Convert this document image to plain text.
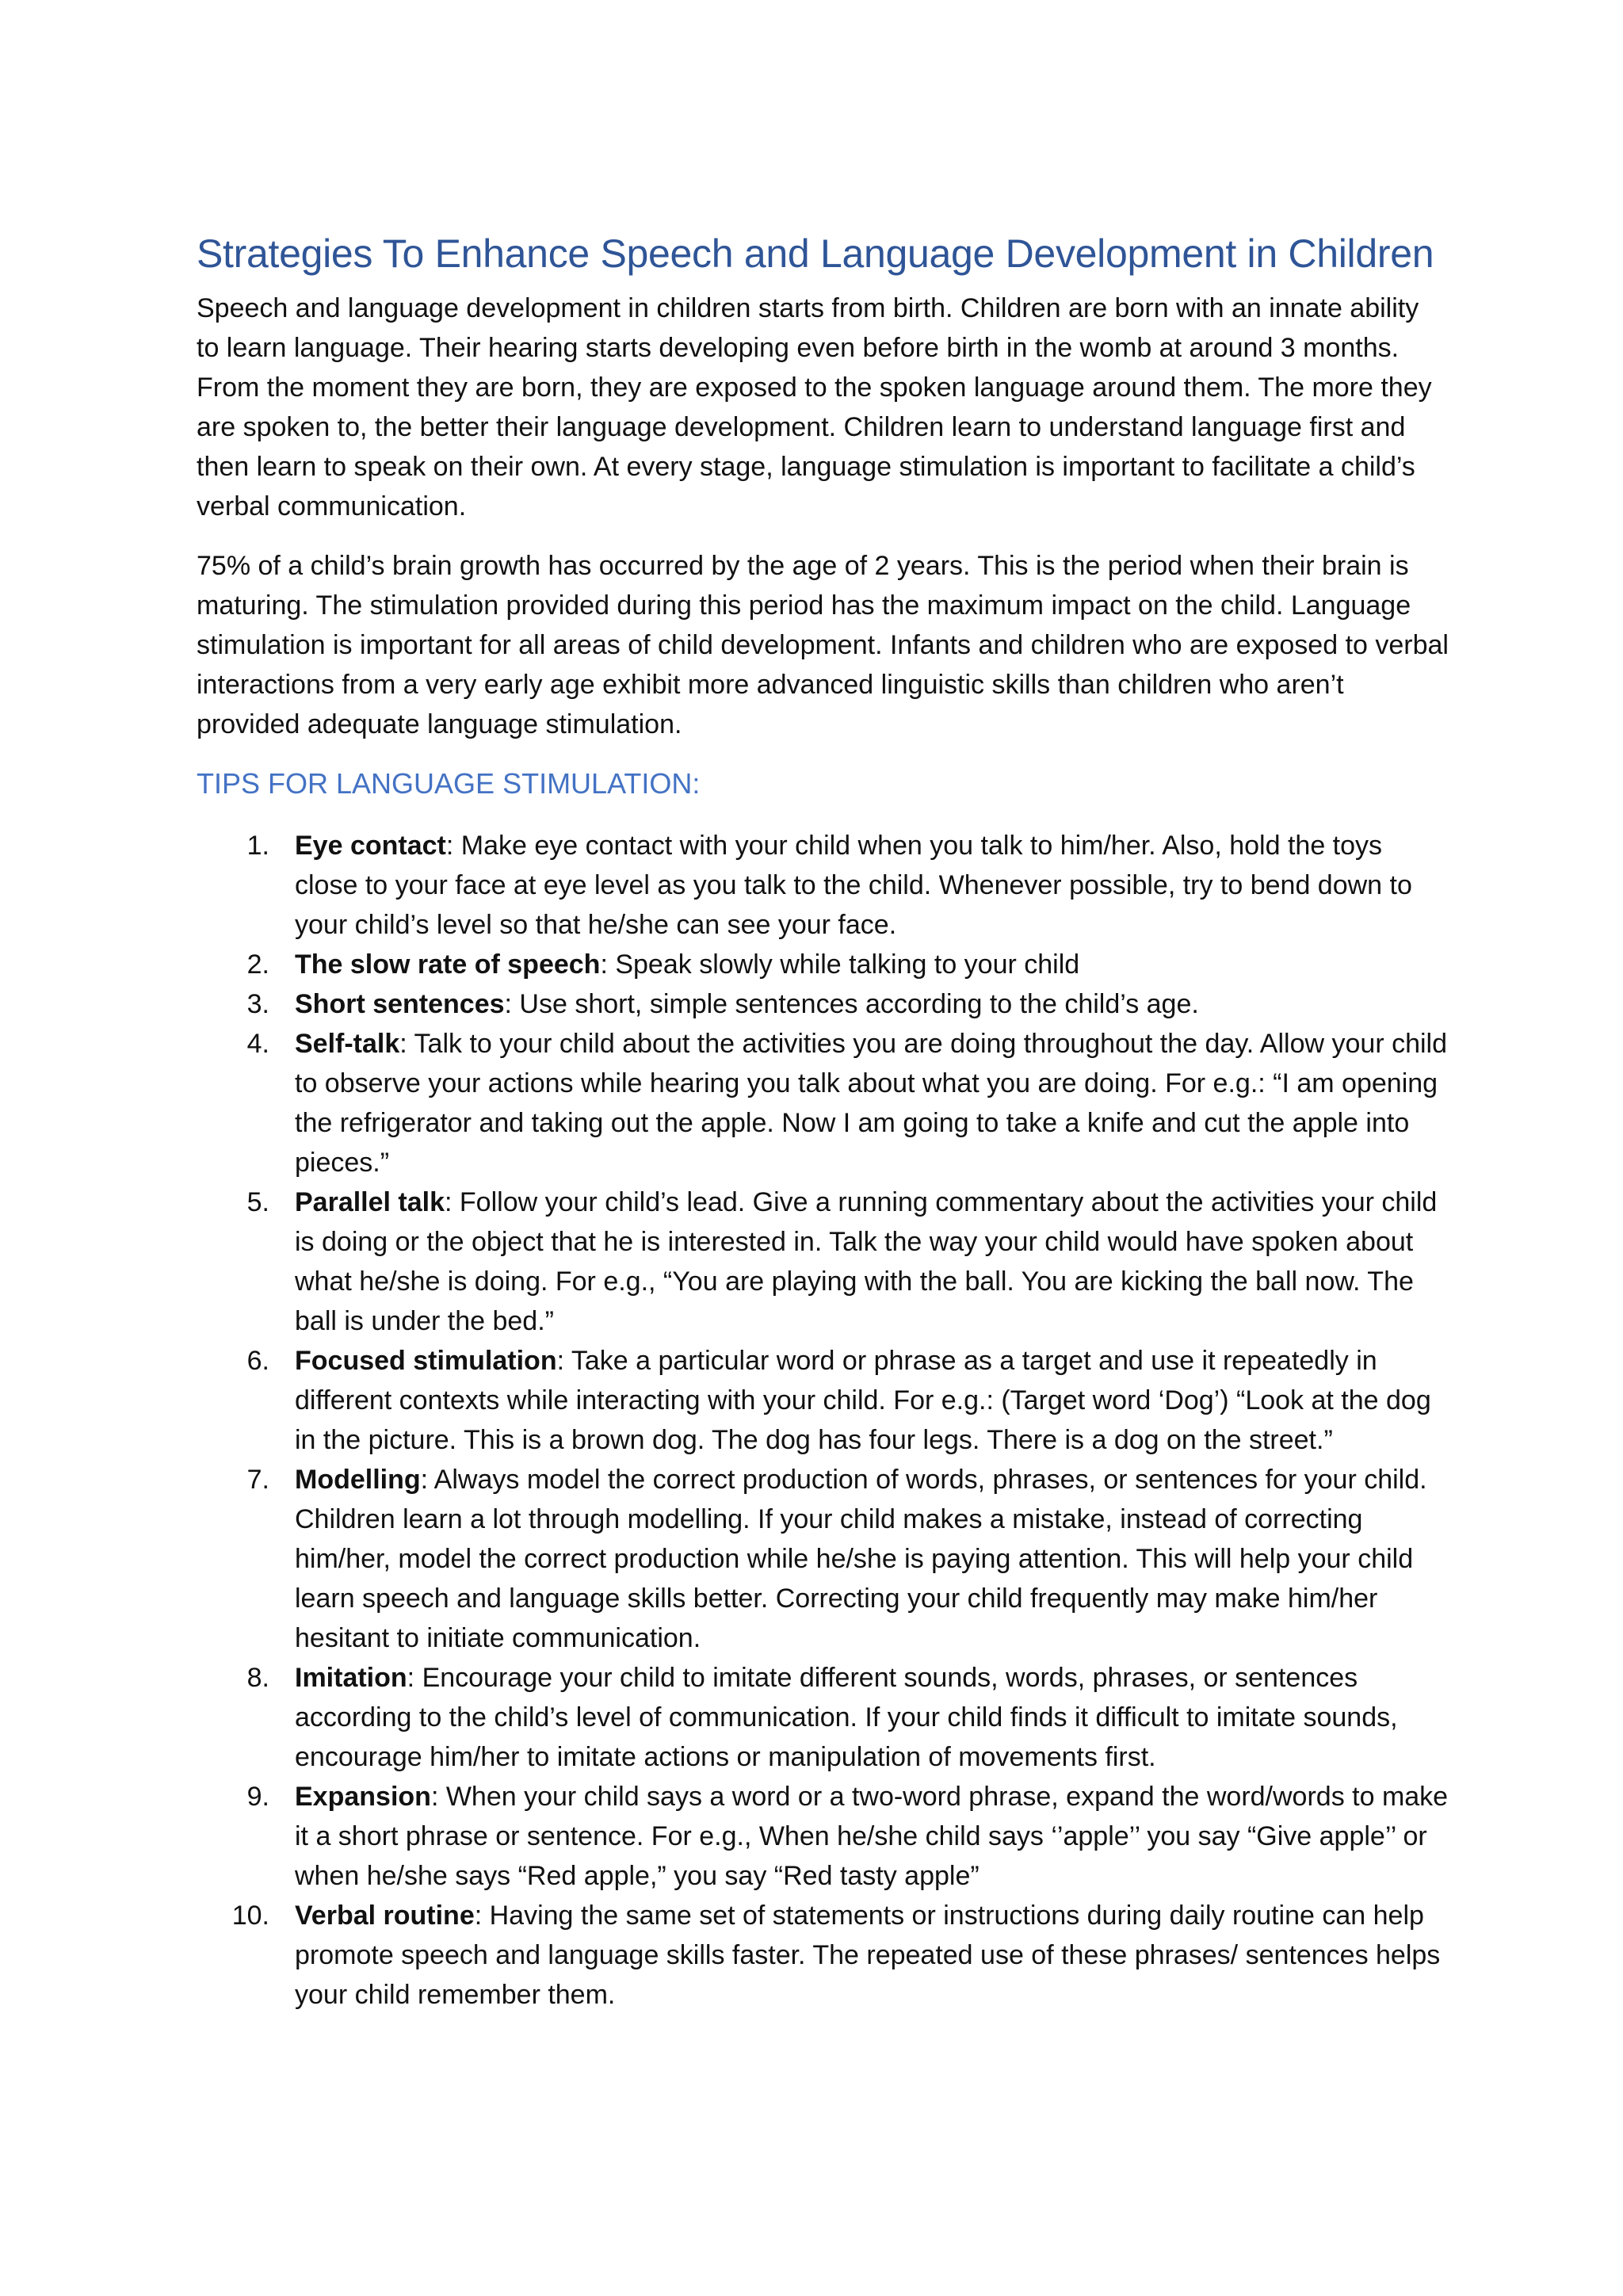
Strategies To Enhance Speech and Language Development in Children

Speech and language development in children starts from birth. Children are born with an innate ability to learn language. Their hearing starts developing even before birth in the womb at around 3 months. From the moment they are born, they are exposed to the spoken language around them. The more they are spoken to, the better their language development. Children learn to understand language first and then learn to speak on their own. At every stage, language stimulation is important to facilitate a child’s verbal communication.

75% of a child’s brain growth has occurred by the age of 2 years. This is the period when their brain is maturing. The stimulation provided during this period has the maximum impact on the child. Language stimulation is important for all areas of child development. Infants and children who are exposed to verbal interactions from a very early age exhibit more advanced linguistic skills than children who aren’t provided adequate language stimulation.

TIPS FOR LANGUAGE STIMULATION:
1. Eye contact: Make eye contact with your child when you talk to him/her. Also, hold the toys close to your face at eye level as you talk to the child. Whenever possible, try to bend down to your child’s level so that he/she can see your face.
2. The slow rate of speech: Speak slowly while talking to your child
3. Short sentences: Use short, simple sentences according to the child’s age.
4. Self-talk: Talk to your child about the activities you are doing throughout the day. Allow your child to observe your actions while hearing you talk about what you are doing. For e.g.: “I am opening the refrigerator and taking out the apple. Now I am going to take a knife and cut the apple into pieces.”
5. Parallel talk: Follow your child’s lead. Give a running commentary about the activities your child is doing or the object that he is interested in. Talk the way your child would have spoken about what he/she is doing. For e.g., “You are playing with the ball. You are kicking the ball now. The ball is under the bed.”
6. Focused stimulation: Take a particular word or phrase as a target and use it repeatedly in different contexts while interacting with your child. For e.g.: (Target word ‘Dog’) “Look at the dog in the picture. This is a brown dog. The dog has four legs. There is a dog on the street.”
7. Modelling: Always model the correct production of words, phrases, or sentences for your child. Children learn a lot through modelling. If your child makes a mistake, instead of correcting him/her, model the correct production while he/she is paying attention. This will help your child learn speech and language skills better. Correcting your child frequently may make him/her hesitant to initiate communication.
8. Imitation: Encourage your child to imitate different sounds, words, phrases, or sentences according to the child’s level of communication. If your child finds it difficult to imitate sounds, encourage him/her to imitate actions or manipulation of movements first.
9. Expansion: When your child says a word or a two-word phrase, expand the word/words to make it a short phrase or sentence. For e.g., When he/she child says ‘’apple’’ you say “Give apple’’ or when he/she says “Red apple,” you say “Red tasty apple”
10. Verbal routine: Having the same set of statements or instructions during daily routine can help promote speech and language skills faster. The repeated use of these phrases/ sentences helps your child remember them.
